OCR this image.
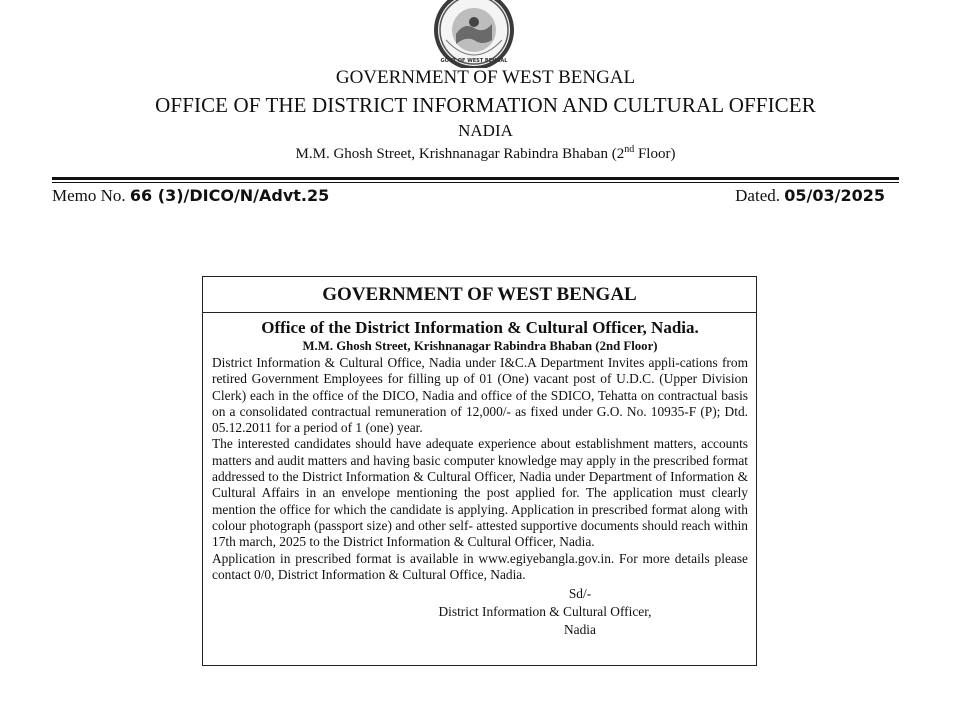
GOVT OF WEST BENGAL
GOVERNMENT OF WEST BENGAL
OFFICE OF THE DISTRICT INFORMATION AND CULTURAL OFFICER
NADIA
M.M. Ghosh Street, Krishnanagar Rabindra Bhaban (2nd Floor)
Memo No. 66 (3)/DICO/N/Advt.25	Dated. 05/03/2025
GOVERNMENT OF WEST BENGAL
Office of the District Information & Cultural Officer, Nadia.
M.M. Ghosh Street, Krishnanagar Rabindra Bhaban (2nd Floor)

District Information & Cultural Office, Nadia under I&C.A Department Invites appli-cations from retired Government Employees for filling up of 01 (One) vacant post of U.D.C. (Upper Division Clerk) each in the office of the DICO, Nadia and office of the SDICO, Tehatta on contractual basis on a consolidated contractual remuneration of 12,000/- as fixed under G.O. No. 10935-F (P); Dtd. 05.12.2011 for a period of 1 (one) year.

The interested candidates should have adequate experience about establishment matters, accounts matters and audit matters and having basic computer knowledge may apply in the prescribed format addressed to the District Information & Cultural Officer, Nadia under Department of Information & Cultural Affairs in an envelope mentioning the post applied for. The application must clearly mention the office for which the candidate is applying. Application in prescribed format along with colour photograph (passport size) and other self- attested supportive documents should reach within 17th march, 2025 to the District Information & Cultural Officer, Nadia.

Application in prescribed format is available in www.egiyebangla.gov.in. For more details please contact 0/0, District Information & Cultural Office, Nadia.

Sd/-
District Information & Cultural Officer,
Nadia
